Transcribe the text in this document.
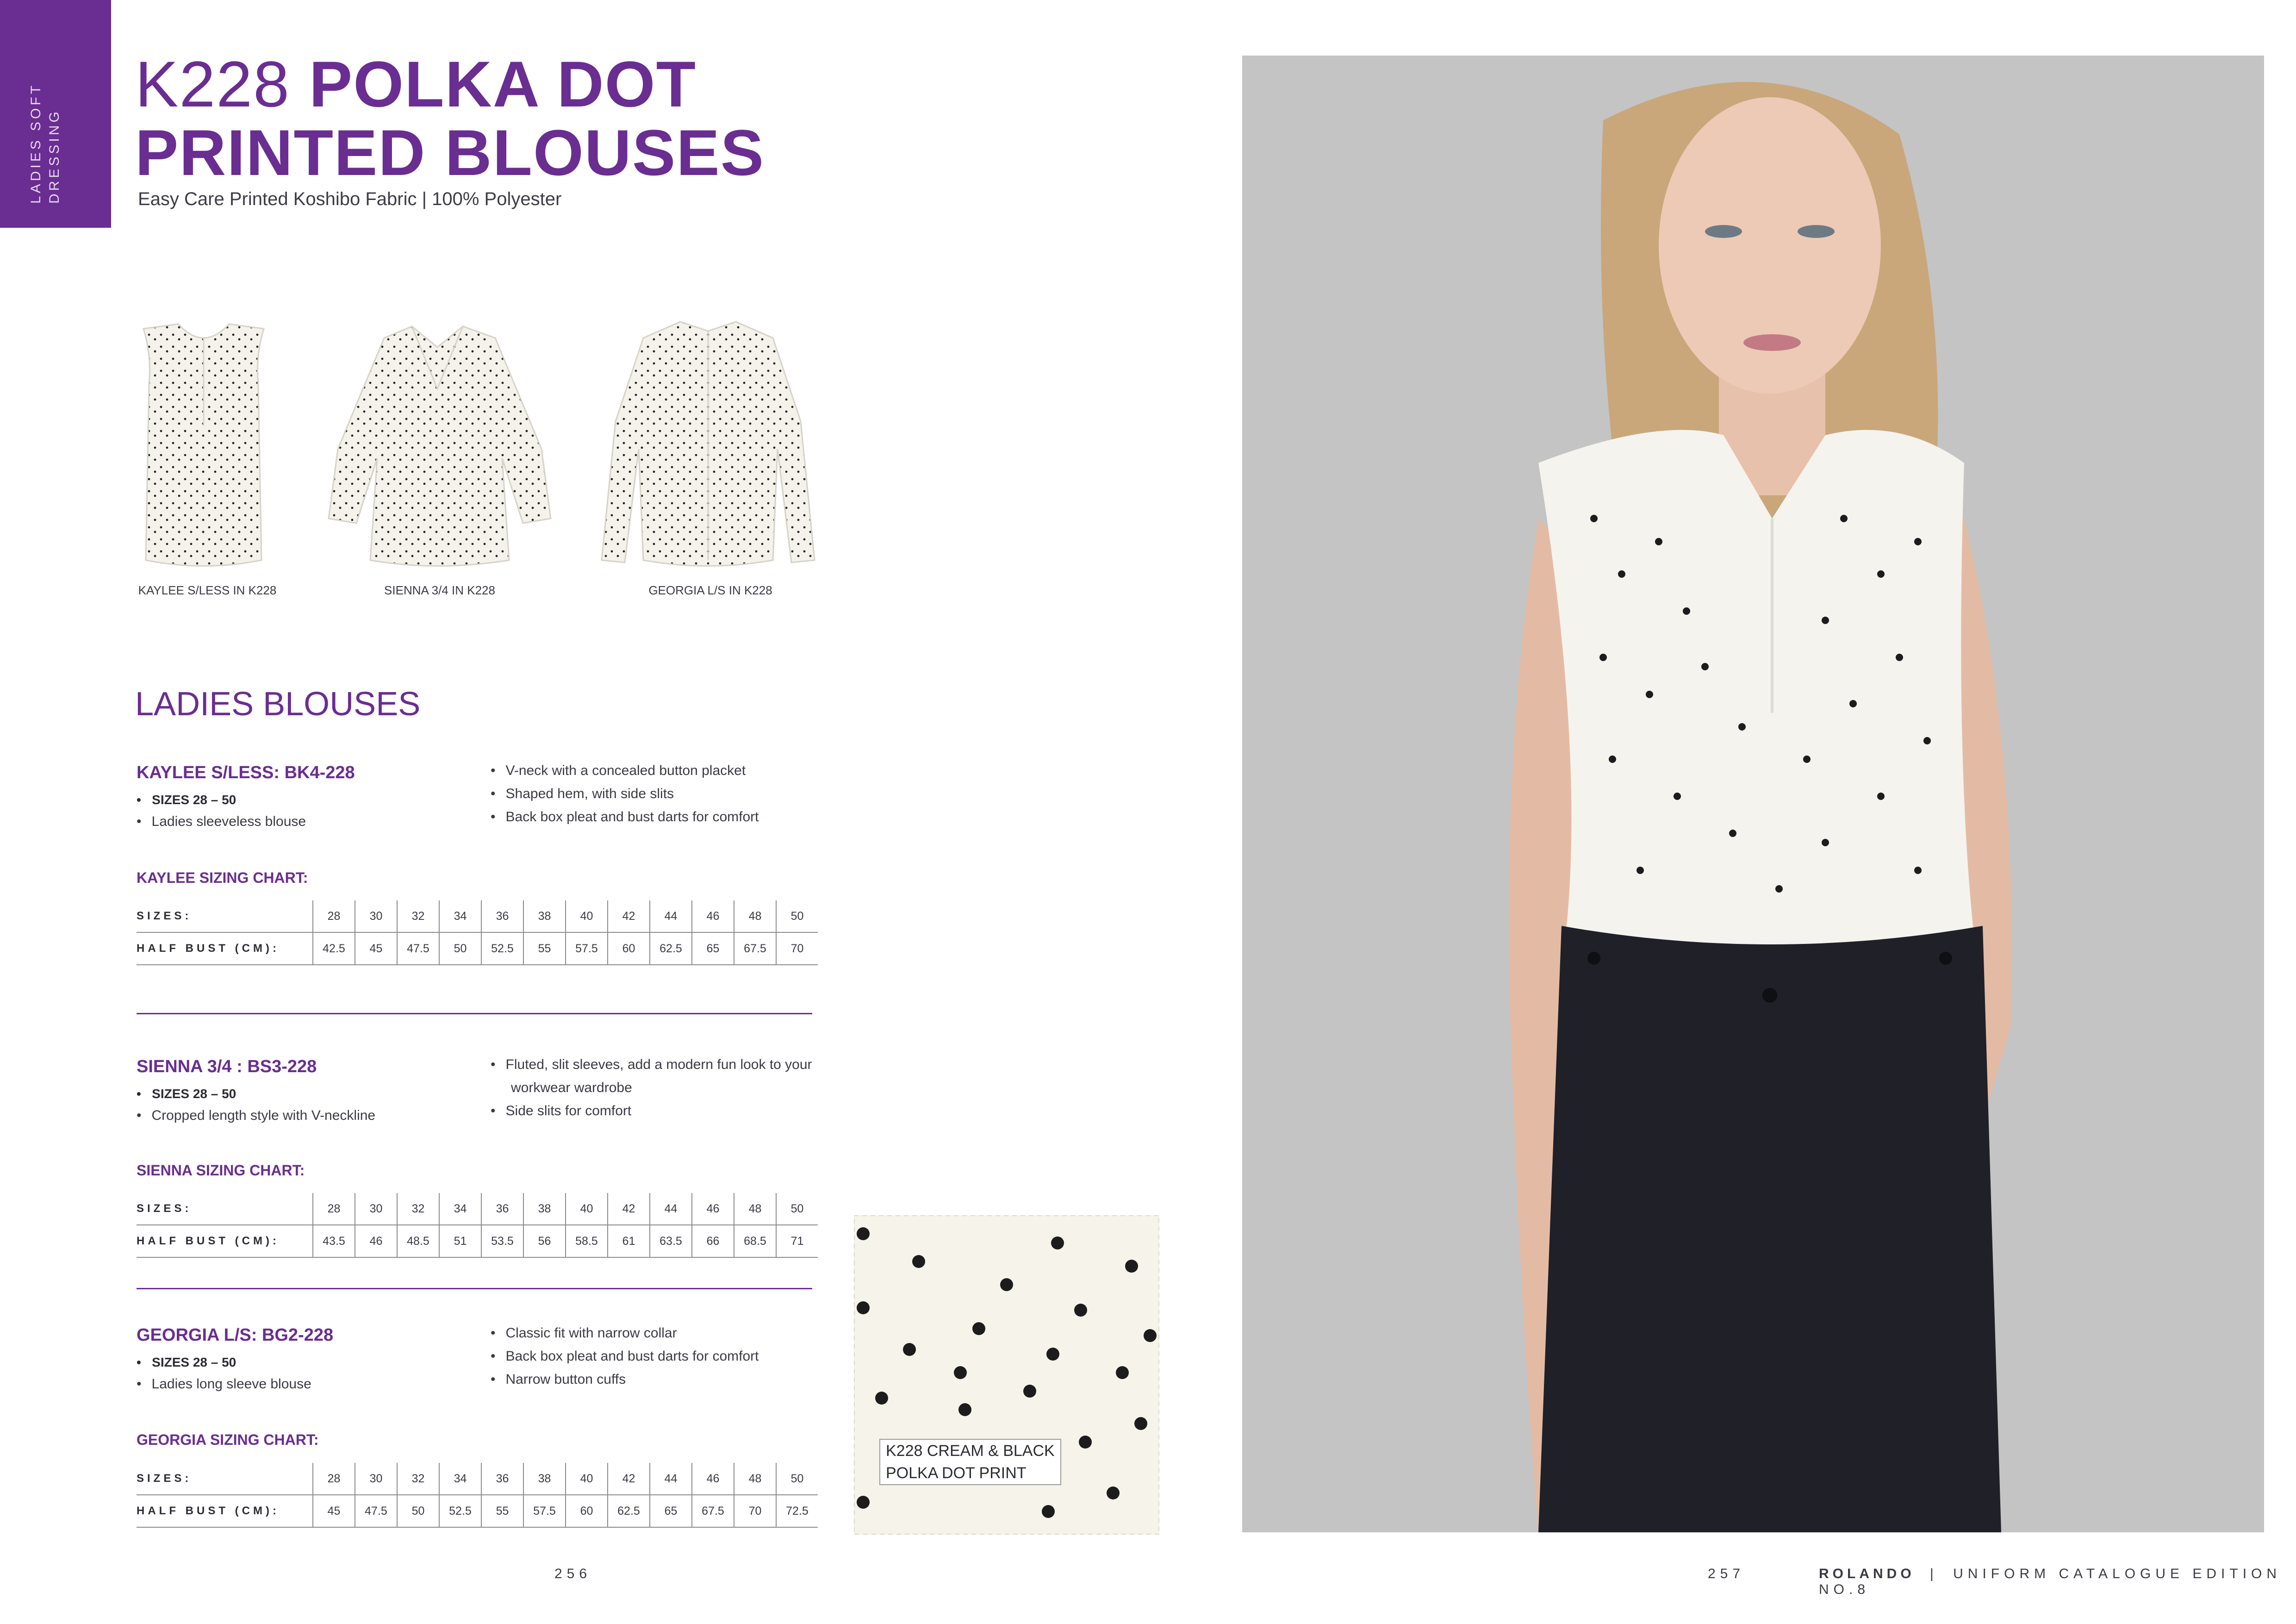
LADIES SOFT DRESSING
K228 POLKA DOT
PRINTED BLOUSES
Easy Care Printed Koshibo Fabric | 100% Polyester
KAYLEE S/LESS IN K228	SIENNA 3/4 IN K228	GEORGIA L/S IN K228
LADIES BLOUSES
KAYLEE S/LESS: BK4-228
•   SIZES 28 – 50
• Ladies sleeveless blouse
• V-neck with a concealed button placket
• Shaped hem, with side slits
• Back box pleat and bust darts for comfort
KAYLEE SIZING CHART:
SIZES:	28	30	32	34	36	38	40	42	44	46	48	50
HALF BUST (CM):	42.5	45	47.5	50	52.5	55	57.5	60	62.5	65	67.5	70
SIENNA 3/4 : BS3-228
•   SIZES 28 – 50
• Cropped length style with V-neckline
• Fluted, slit sleeves, add a modern fun look to your workwear wardrobe
• Side slits for comfort
SIENNA SIZING CHART:
SIZES:	28	30	32	34	36	38	40	42	44	46	48	50
HALF BUST (CM):	43.5	46	48.5	51	53.5	56	58.5	61	63.5	66	68.5	71
GEORGIA L/S: BG2-228
•   SIZES 28 – 50
• Ladies long sleeve blouse
• Classic fit with narrow collar
• Back box pleat and bust darts for comfort
• Narrow button cuffs
GEORGIA SIZING CHART:
SIZES:	28	30	32	34	36	38	40	42	44	46	48	50
HALF BUST (CM):	45	47.5	50	52.5	55	57.5	60	62.5	65	67.5	70	72.5
K228 CREAM & BLACK
POLKA DOT PRINT
256	257	ROLANDO | UNIFORM CATALOGUE EDITION NO.8
